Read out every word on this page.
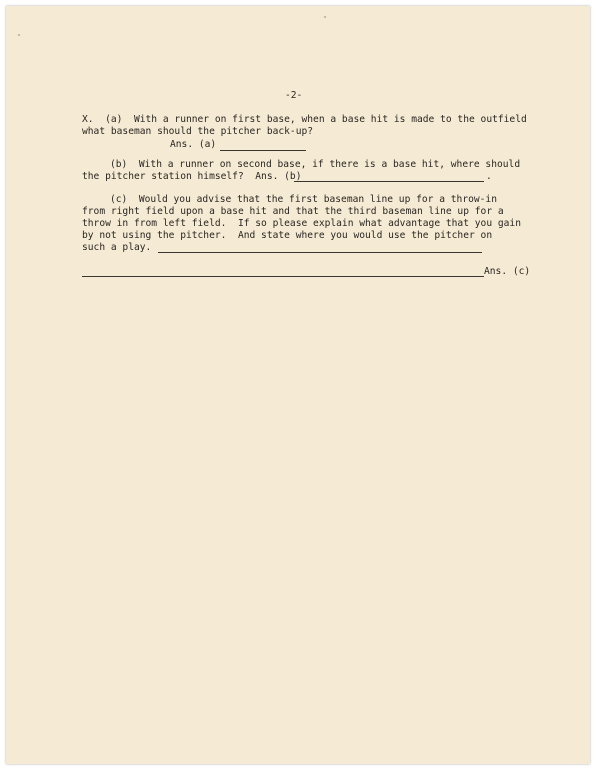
-2-
X.  (a)  With a runner on first base, when a base hit is made to the outfield
what baseman should the pitcher back-up?
Ans. (a)
(b)  With a runner on second base, if there is a base hit, where should
the pitcher station himself?  Ans. (b)	.
(c)  Would you advise that the first baseman line up for a throw-in
from right field upon a base hit and that the third baseman line up for a
throw in from left field.  If so please explain what advantage that you gain
by not using the pitcher.  And state where you would use the pitcher on
such a play.
Ans. (c)
